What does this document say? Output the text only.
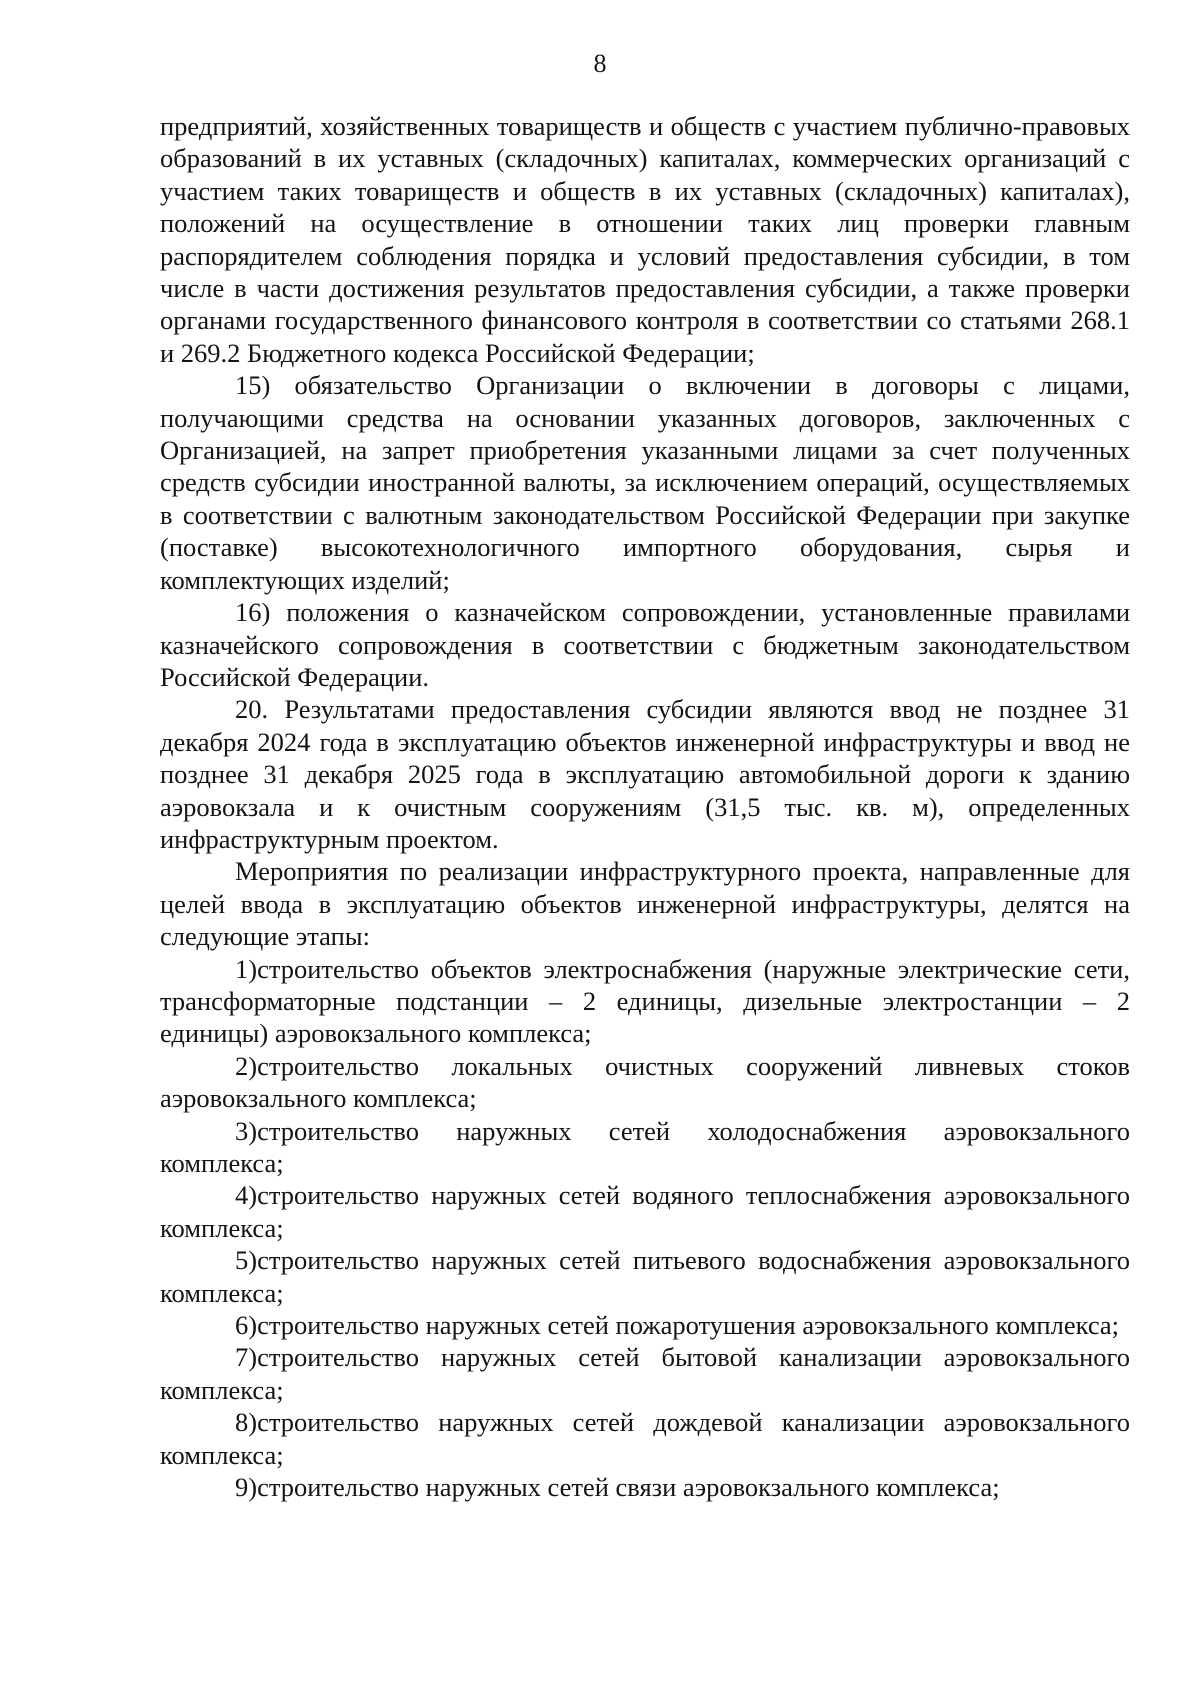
8

предприятий, хозяйственных товариществ и обществ с участием публично-правовых образований в их уставных (складочных) капиталах, коммерческих организаций с участием таких товариществ и обществ в их уставных (складочных) капиталах), положений на осуществление в отношении таких лиц проверки главным распорядителем соблюдения порядка и условий предоставления субсидии, в том числе в части достижения результатов предоставления субсидии, а также проверки органами государственного финансового контроля в соответствии со статьями 268.1 и 269.2 Бюджетного кодекса Российской Федерации;

15) обязательство Организации о включении в договоры с лицами, получающими средства на основании указанных договоров, заключенных с Организацией, на запрет приобретения указанными лицами за счет полученных средств субсидии иностранной валюты, за исключением операций, осуществляемых в соответствии с валютным законодательством Российской Федерации при закупке (поставке) высокотехнологичного импортного оборудования, сырья и комплектующих изделий;

16) положения о казначейском сопровождении, установленные правилами казначейского сопровождения в соответствии с бюджетным законодательством Российской Федерации.

20. Результатами предоставления субсидии являются ввод не позднее 31 декабря 2024 года в эксплуатацию объектов инженерной инфраструктуры и ввод не позднее 31 декабря 2025 года в эксплуатацию автомобильной дороги к зданию аэровокзала и к очистным сооружениям (31,5 тыс. кв. м), определенных инфраструктурным проектом.

Мероприятия по реализации инфраструктурного проекта, направленные для целей ввода в эксплуатацию объектов инженерной инфраструктуры, делятся на следующие этапы:

1)строительство объектов электроснабжения (наружные электрические сети, трансформаторные подстанции – 2 единицы, дизельные электростанции – 2 единицы) аэровокзального комплекса;

2)строительство локальных очистных сооружений ливневых стоков аэровокзального комплекса;

3)строительство наружных сетей холодоснабжения аэровокзального комплекса;

4)строительство наружных сетей водяного теплоснабжения аэровокзального комплекса;

5)строительство наружных сетей питьевого водоснабжения аэровокзального комплекса;

6)строительство наружных сетей пожаротушения аэровокзального комплекса;

7)строительство наружных сетей бытовой канализации аэровокзального комплекса;

8)строительство наружных сетей дождевой канализации аэровокзального комплекса;

9)строительство наружных сетей связи аэровокзального комплекса;
